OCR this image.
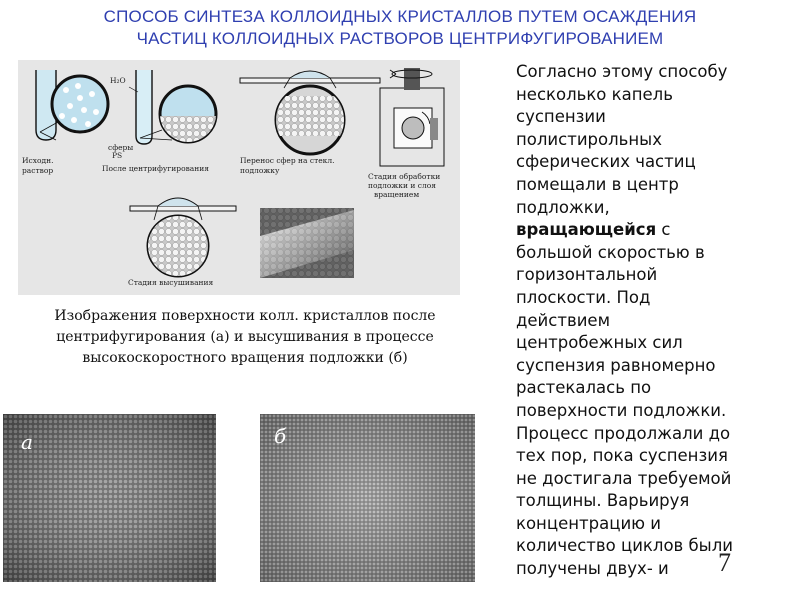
СПОСОБ СИНТЕЗА КОЛЛОИДНЫХ КРИСТАЛЛОВ ПУТЕМ ОСАЖДЕНИЯ
ЧАСТИЦ КОЛЛОИДНЫХ РАСТВОРОВ ЦЕНТРИФУГИРОВАНИЕМ
H₂O
сферы
PS
Исходн.
раствор	После центрифугирования
Перенос сфер на стекл.
подложку
Стадия обработки
подложки и слоя
вращением
Стадия высушивания
Изображения поверхности колл. кристаллов после
центрифугирования (а) и высушивания в процессе
высокоскоростного вращения подложки (б)
а	б
Согласно этому способу
несколько капель
суспензии
полистирольных
сферических частиц
помещали в центр
подложки,
вращающейся с
большой скоростью в
горизонтальной
плоскости. Под
действием
центробежных сил
суспензия равномерно
растекалась по
поверхности подложки.
Процесс продолжали до
тех пор, пока суспензия
не достигала требуемой
толщины. Варьируя
концентрацию и
количество циклов были
получены двух- и	7
